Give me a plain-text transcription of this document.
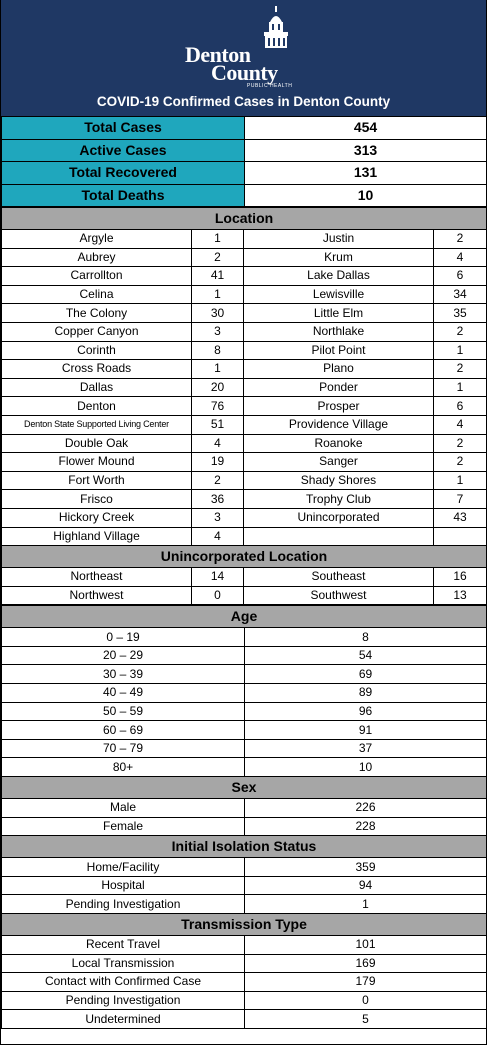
Denton
County
PUBLIC HEALTH
COVID-19 Confirmed Cases in Denton County
Total Cases	454
Active Cases	313
Total Recovered	131
Total Deaths	10
Location			
Argyle	1	Justin	2
Aubrey	2	Krum	4
Carrollton	41	Lake Dallas	6
Celina	1	Lewisville	34
The Colony	30	Little Elm	35
Copper Canyon	3	Northlake	2
Corinth	8	Pilot Point	1
Cross Roads	1	Plano	2
Dallas	20	Ponder	1
Denton	76	Prosper	6
Denton State Supported Living Center	51	Providence Village	4
Double Oak	4	Roanoke	2
Flower Mound	19	Sanger	2
Fort Worth	2	Shady Shores	1
Frisco	36	Trophy Club	7
Hickory Creek	3	Unincorporated	43
Highland Village	4		
Unincorporated Location			
Northeast	14	Southeast	16
Northwest	0	Southwest	13
Age	
0 – 19	8
20 – 29	54
30 – 39	69
40 – 49	89
50 – 59	96
60 – 69	91
70 – 79	37
80+	10
Sex	
Male	226
Female	228
Initial Isolation Status	
Home/Facility	359
Hospital	94
Pending Investigation	1
Transmission Type	
Recent Travel	101
Local Transmission	169
Contact with Confirmed Case	179
Pending Investigation	0
Undetermined	5
